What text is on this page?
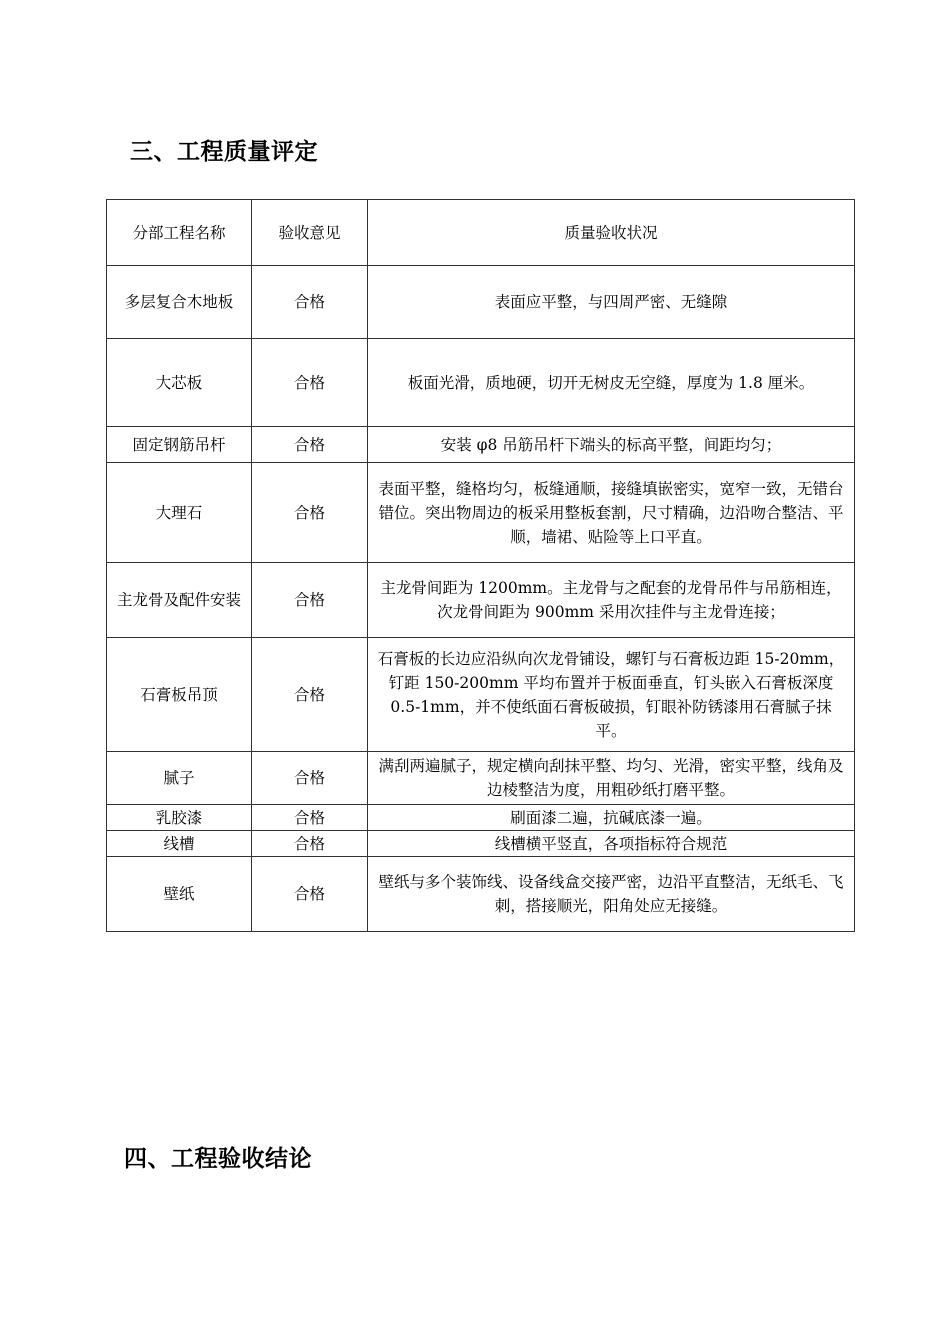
三、工程质量评定
分部工程名称	验收意见	质量验收状况
多层复合木地板	合格	表面应平整，与四周严密、无缝隙
大芯板	合格	板面光滑，质地硬，切开无树皮无空缝，厚度为 1.8 厘米。
固定钢筋吊杆	合格	安装 φ8 吊筋吊杆下端头的标高平整，间距均匀；
大理石	合格	表面平整，缝格均匀，板缝通顺，接缝填嵌密实，宽窄一致，无错台错位。突出物周边的板采用整板套割，尺寸精确，边沿吻合整洁、平顺，墙裙、贴险等上口平直。
主龙骨及配件安装	合格	主龙骨间距为 1200mm。主龙骨与之配套的龙骨吊件与吊筋相连，次龙骨间距为 900mm 采用次挂件与主龙骨连接；
石膏板吊顶	合格	石膏板的长边应沿纵向次龙骨铺设，螺钉与石膏板边距 15-20mm，钉距 150-200mm 平均布置并于板面垂直，钉头嵌入石膏板深度 0.5-1mm，并不使纸面石膏板破损，钉眼补防锈漆用石膏腻子抹平。
腻子	合格	满刮两遍腻子，规定横向刮抹平整、均匀、光滑，密实平整，线角及边棱整洁为度，用粗砂纸打磨平整。
乳胶漆	合格	刷面漆二遍，抗碱底漆一遍。
线槽	合格	线槽横平竖直，各项指标符合规范
壁纸	合格	壁纸与多个装饰线、设备线盒交接严密，边沿平直整洁，无纸毛、飞刺，搭接顺光，阳角处应无接缝。
四、工程验收结论
